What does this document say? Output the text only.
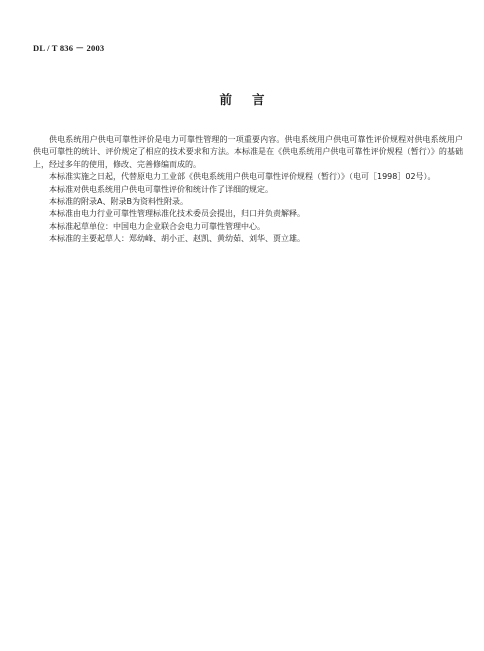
DL / T 836 － 2003
前言

供电系统用户供电可靠性评价是电力可靠性管理的一项重要内容。供电系统用户供电可靠性评价规程对供电系统用户供电可靠性的统计、评价规定了相应的技术要求和方法。本标准是在《供电系统用户供电可靠性评价规程（暂行）》的基础上，经过多年的使用，修改、完善修编而成的。

本标准实施之日起，代替原电力工业部《供电系统用户供电可靠性评价规程（暂行）》（电可［1998］02号）。

本标准对供电系统用户供电可靠性评价和统计作了详细的规定。

本标准的附录A、附录B为资料性附录。

本标准由电力行业可靠性管理标准化技术委员会提出，归口并负责解释。

本标准起草单位：中国电力企业联合会电力可靠性管理中心。

本标准的主要起草人：郑幼峰、胡小正、赵凯、黄幼茹、刘华、贾立雄。
